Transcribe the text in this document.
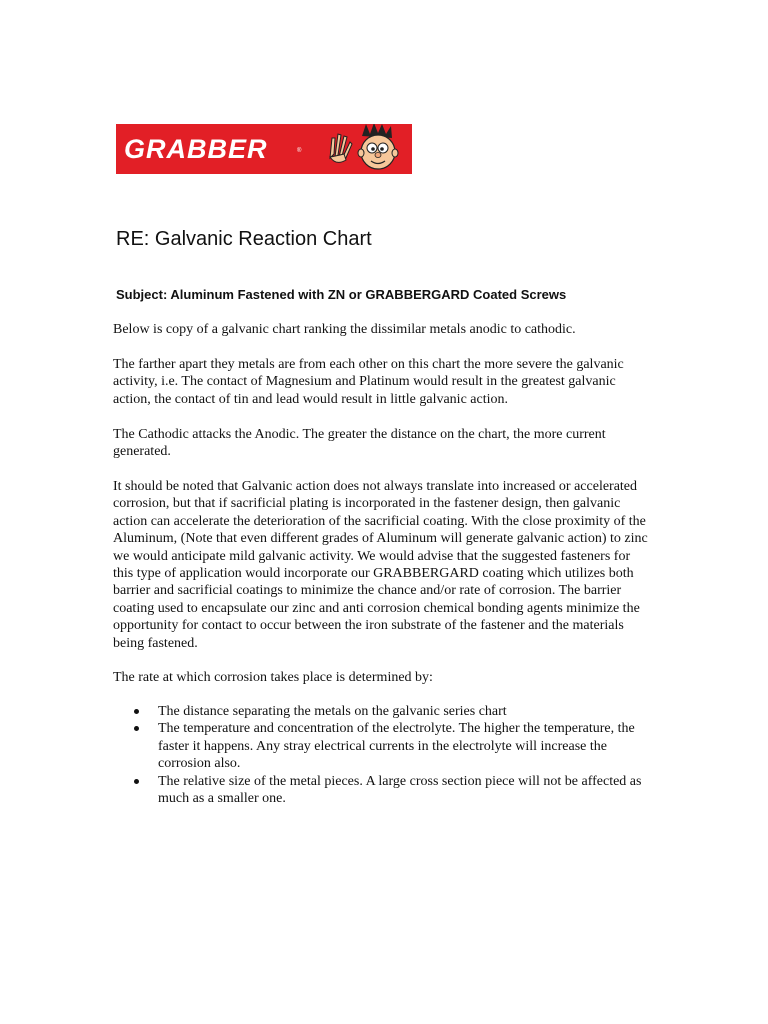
GRABBER	®
RE: Galvanic Reaction Chart

Subject: Aluminum Fastened with ZN or GRABBERGARD Coated Screws

Below is copy of a galvanic chart ranking the dissimilar metals anodic to cathodic.

The farther apart they metals are from each other on this chart the more severe the galvanic activity, i.e. The contact of Magnesium and Platinum would result in the greatest galvanic action, the contact of tin and lead would result in little galvanic action.

The Cathodic attacks the Anodic. The greater the distance on the chart, the more current generated.

It should be noted that Galvanic action does not always translate into increased or accelerated corrosion, but that if sacrificial plating is incorporated in the fastener design, then galvanic action can accelerate the deterioration of the sacrificial coating. With the close proximity of the Aluminum, (Note that even different grades of Aluminum will generate galvanic action) to zinc we would anticipate mild galvanic activity. We would advise that the suggested fasteners for this type of application would incorporate our GRABBERGARD coating which utilizes both barrier and sacrificial coatings to minimize the chance and/or rate of corrosion. The barrier coating used to encapsulate our zinc and anti corrosion chemical bonding agents minimize the opportunity for contact to occur between the iron substrate of the fastener and the materials being fastened.

The rate at which corrosion takes place is determined by:

The distance separating the metals on the galvanic series chart
The temperature and concentration of the electrolyte. The higher the temperature, the faster it happens. Any stray electrical currents in the electrolyte will increase the corrosion also.
The relative size of the metal pieces. A large cross section piece will not be affected as much as a smaller one.
